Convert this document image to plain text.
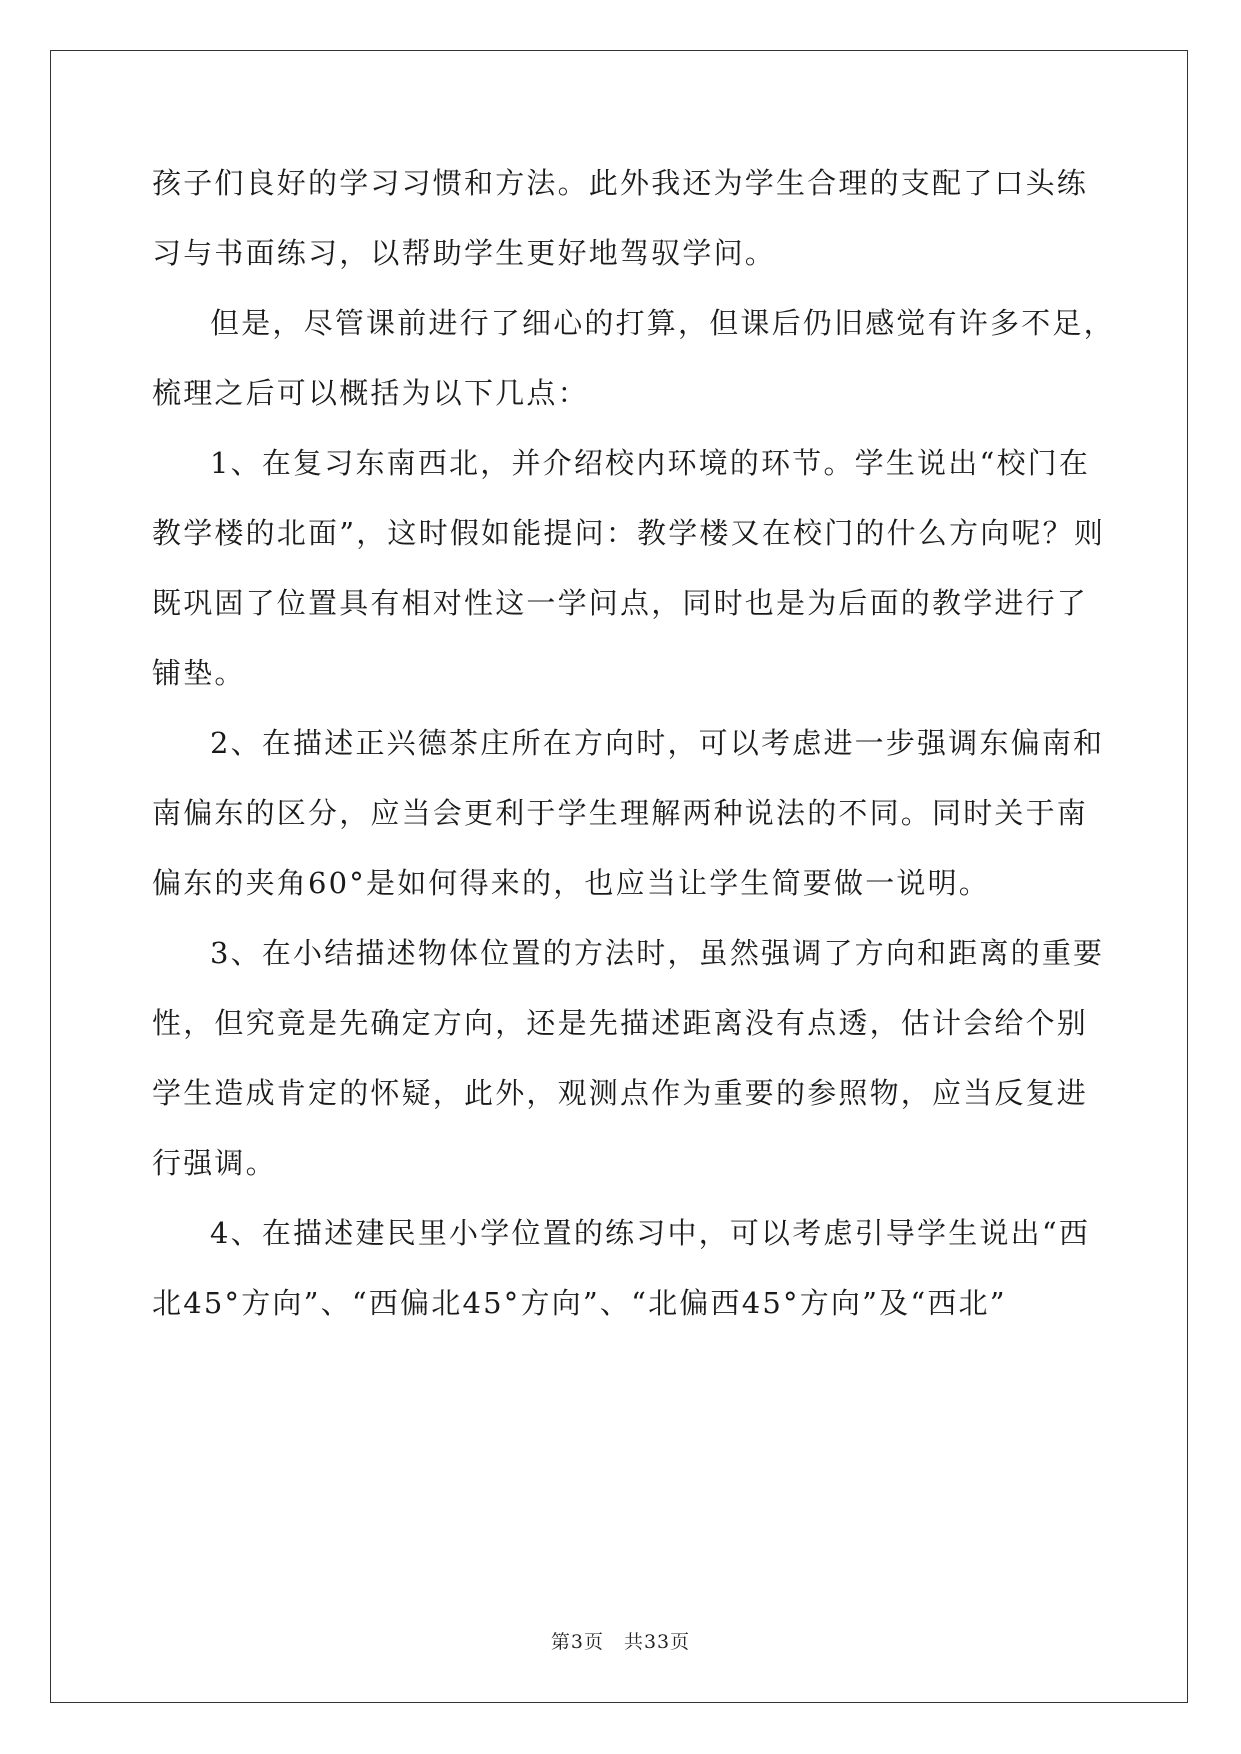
孩子们良好的学习习惯和方法。此外我还为学生合理的支配了口头练
习与书面练习，以帮助学生更好地驾驭学问。
但是，尽管课前进行了细心的打算，但课后仍旧感觉有许多不足，
梳理之后可以概括为以下几点：
1、在复习东南西北，并介绍校内环境的环节。学生说出“校门在
教学楼的北面”，这时假如能提问：教学楼又在校门的什么方向呢？则
既巩固了位置具有相对性这一学问点，同时也是为后面的教学进行了
铺垫。
2、在描述正兴德茶庄所在方向时，可以考虑进一步强调东偏南和
南偏东的区分，应当会更利于学生理解两种说法的不同。同时关于南
偏东的夹角60°是如何得来的，也应当让学生简要做一说明。
3、在小结描述物体位置的方法时，虽然强调了方向和距离的重要
性，但究竟是先确定方向，还是先描述距离没有点透，估计会给个别
学生造成肯定的怀疑，此外，观测点作为重要的参照物，应当反复进
行强调。
4、在描述建民里小学位置的练习中，可以考虑引导学生说出“西
北45°方向”、“西偏北45°方向”、“北偏西45°方向”及“西北”
第3页　共33页
